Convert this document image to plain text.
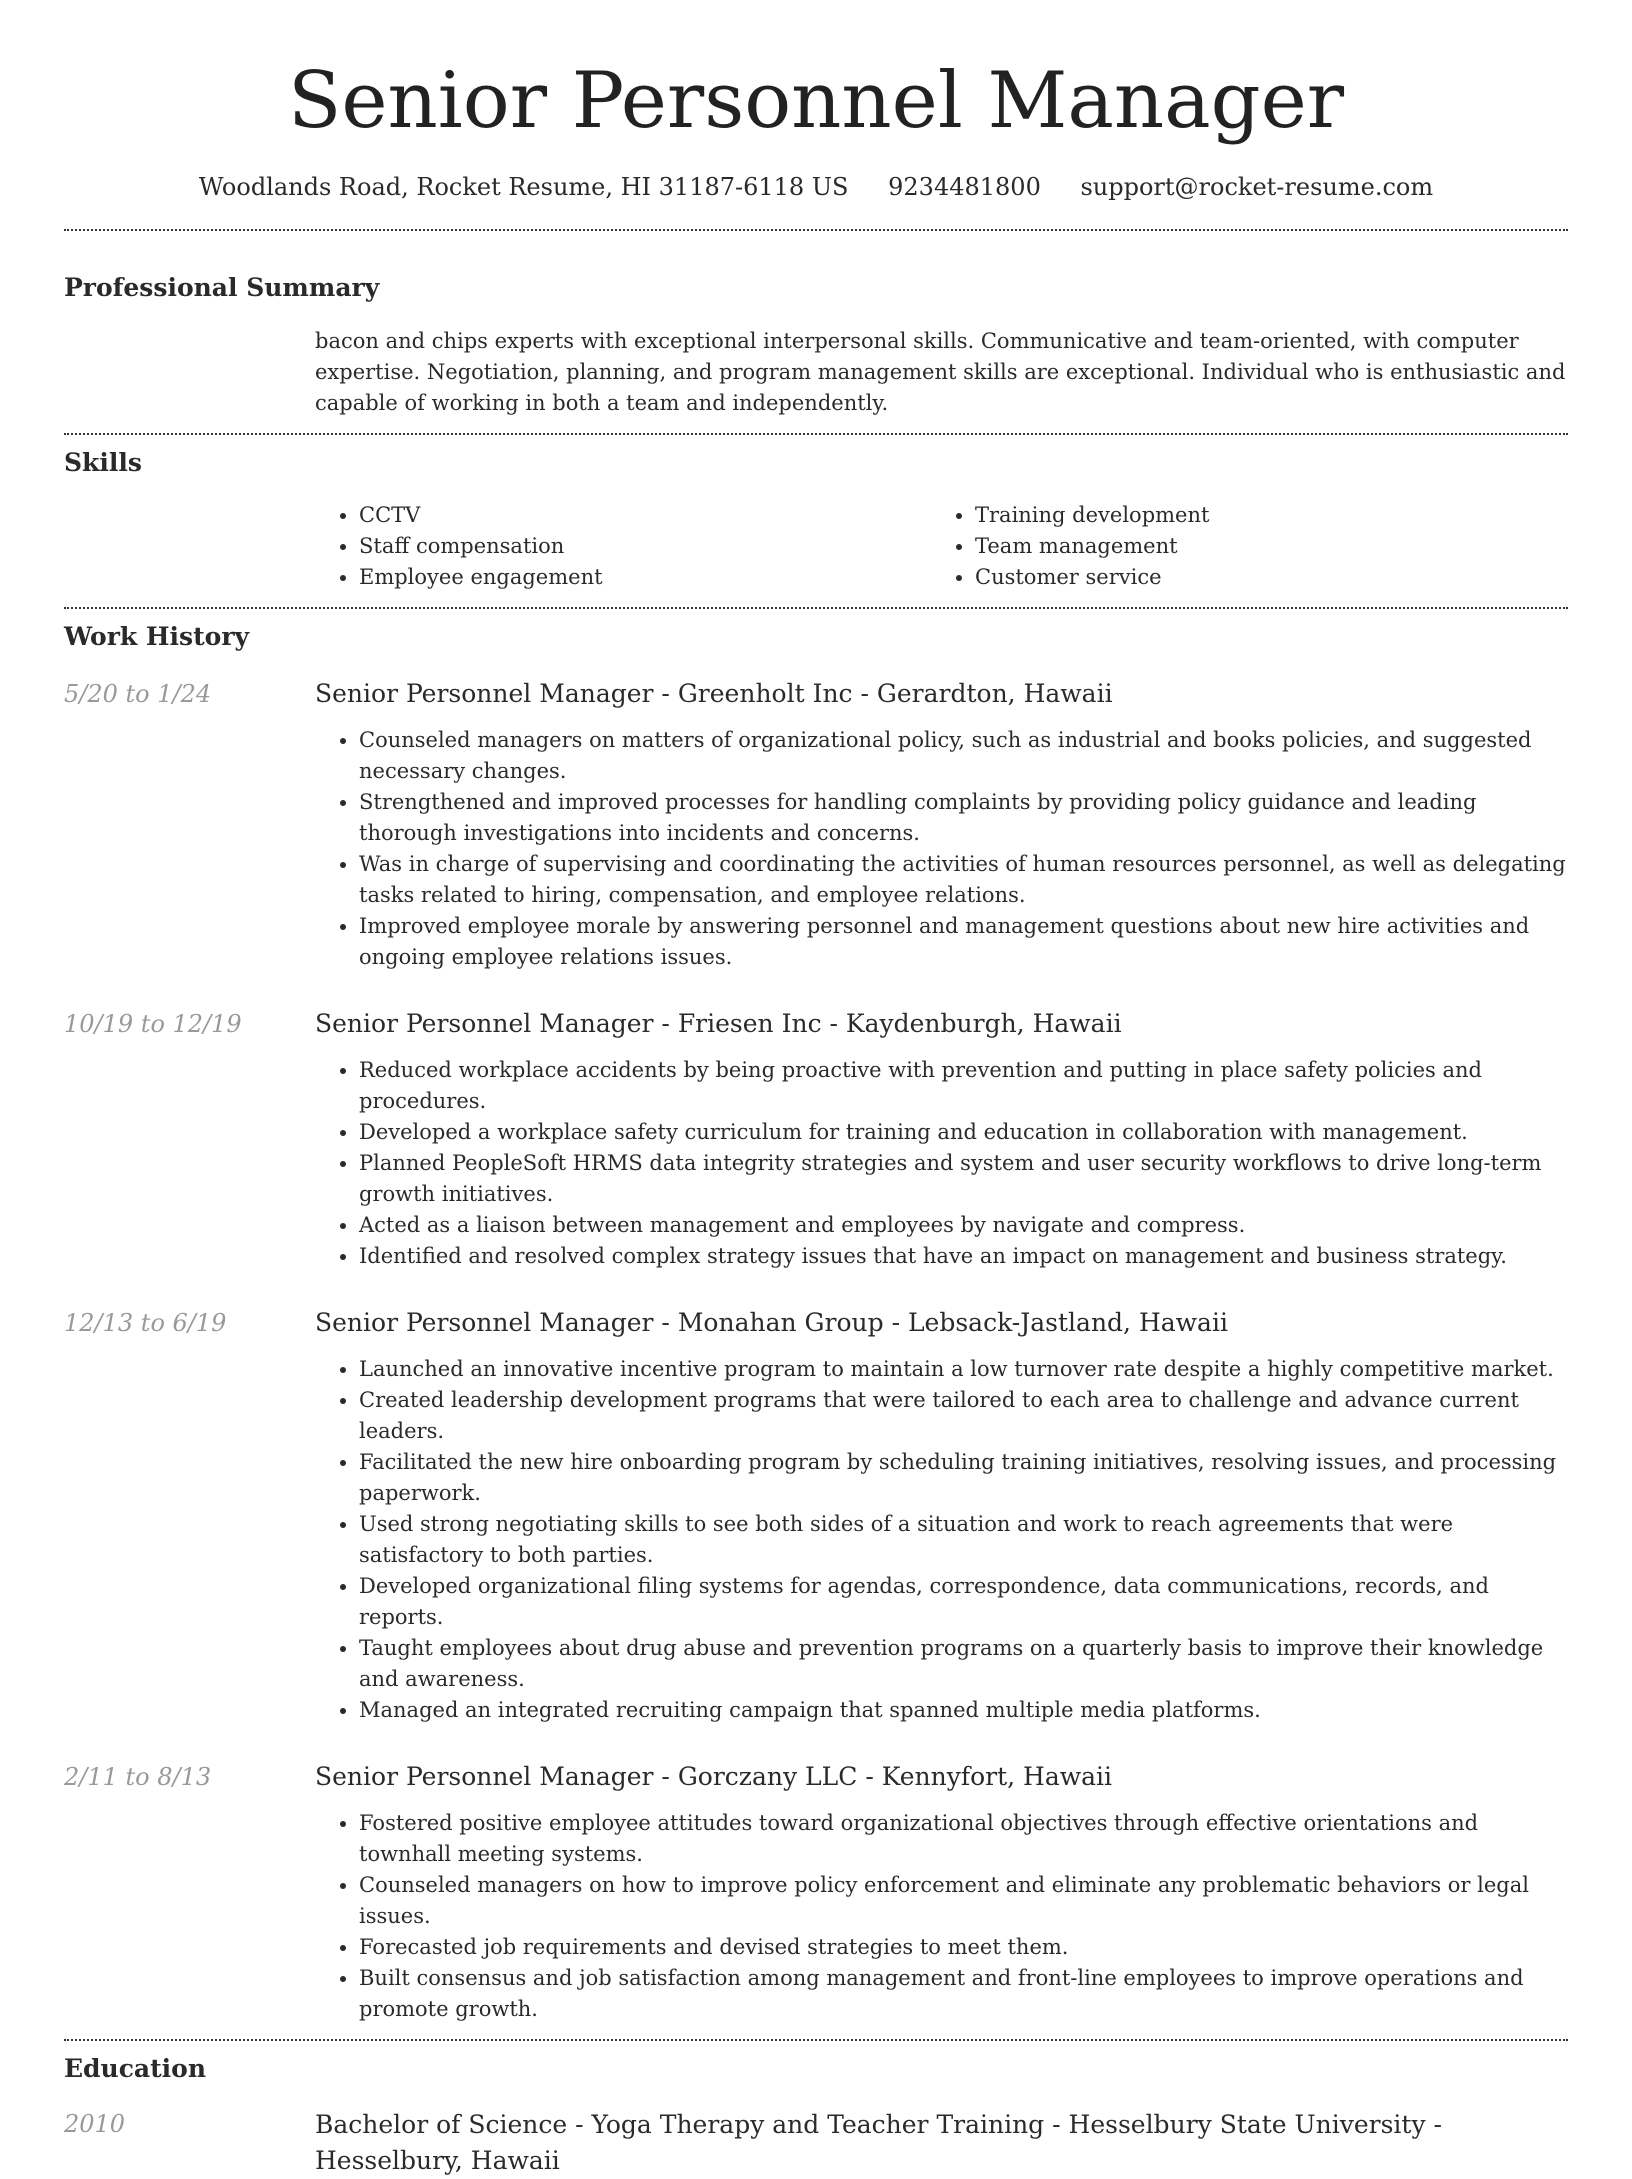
Senior Personnel Manager
Woodlands Road, Rocket Resume, HI 31187-6118 US 9234481800 support@rocket-resume.com
Professional Summary
bacon and chips experts with exceptional interpersonal skills. Communicative and team-oriented, with computer expertise. Negotiation, planning, and program management skills are exceptional. Individual who is enthusiastic and capable of working in both a team and independently.
Skills
• CCTV
• Staff compensation
• Employee engagement
• Training development
• Team management
• Customer service
Work History
5/20 to 1/24	Senior Personnel Manager - Greenholt Inc - Gerardton, Hawaii
• Counseled managers on matters of organizational policy, such as industrial and books policies, and suggested necessary changes.
• Strengthened and improved processes for handling complaints by providing policy guidance and leading thorough investigations into incidents and concerns.
• Was in charge of supervising and coordinating the activities of human resources personnel, as well as delegating tasks related to hiring, compensation, and employee relations.
• Improved employee morale by answering personnel and management questions about new hire activities and ongoing employee relations issues.
10/19 to 12/19	Senior Personnel Manager - Friesen Inc - Kaydenburgh, Hawaii
• Reduced workplace accidents by being proactive with prevention and putting in place safety policies and procedures.
• Developed a workplace safety curriculum for training and education in collaboration with management.
• Planned PeopleSoft HRMS data integrity strategies and system and user security workflows to drive long-term growth initiatives.
• Acted as a liaison between management and employees by navigate and compress.
• Identified and resolved complex strategy issues that have an impact on management and business strategy.
12/13 to 6/19	Senior Personnel Manager - Monahan Group - Lebsack-Jastland, Hawaii
• Launched an innovative incentive program to maintain a low turnover rate despite a highly competitive market.
• Created leadership development programs that were tailored to each area to challenge and advance current leaders.
• Facilitated the new hire onboarding program by scheduling training initiatives, resolving issues, and processing paperwork.
• Used strong negotiating skills to see both sides of a situation and work to reach agreements that were satisfactory to both parties.
• Developed organizational filing systems for agendas, correspondence, data communications, records, and reports.
• Taught employees about drug abuse and prevention programs on a quarterly basis to improve their knowledge and awareness.
• Managed an integrated recruiting campaign that spanned multiple media platforms.
2/11 to 8/13	Senior Personnel Manager - Gorczany LLC - Kennyfort, Hawaii
• Fostered positive employee attitudes toward organizational objectives through effective orientations and townhall meeting systems.
• Counseled managers on how to improve policy enforcement and eliminate any problematic behaviors or legal issues.
• Forecasted job requirements and devised strategies to meet them.
• Built consensus and job satisfaction among management and front-line employees to improve operations and promote growth.
Education
2010	Bachelor of Science - Yoga Therapy and Teacher Training - Hesselbury State University - Hesselbury, Hawaii
